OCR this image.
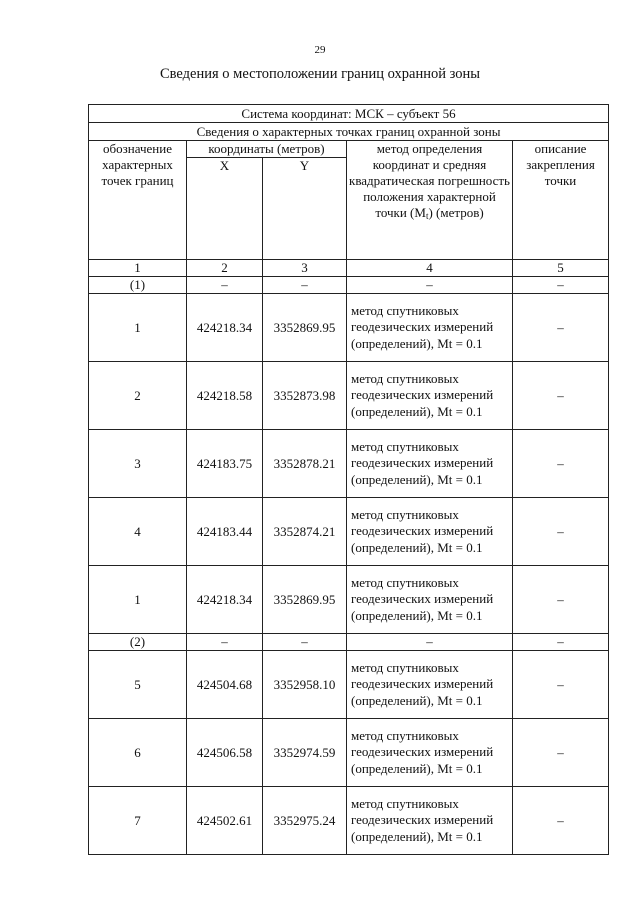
29
Сведения о местоположении границ охранной зоны
Система координат: МСК – субъект 56				
Сведения о характерных точках границ охранной зоны				
обозначение характерных точек границ	координаты (метров)		метод определения координат и средняя квадратическая погрешность положения характерной точки $(M_t)$ (метров)	описание закрепления точки
	X	Y		
1	2	3	4	5
(1)	–	–	–	–
1	424218.34	3352869.95	метод спутниковых геодезических измерений (определений), Mt = 0.1	–
2	424218.58	3352873.98	метод спутниковых геодезических измерений (определений), Mt = 0.1	–
3	424183.75	3352878.21	метод спутниковых геодезических измерений (определений), Mt = 0.1	–
4	424183.44	3352874.21	метод спутниковых геодезических измерений (определений), Mt = 0.1	–
1	424218.34	3352869.95	метод спутниковых геодезических измерений (определений), Mt = 0.1	–
(2)	–	–	–	–
5	424504.68	3352958.10	метод спутниковых геодезических измерений (определений), Mt = 0.1	–
6	424506.58	3352974.59	метод спутниковых геодезических измерений (определений), Mt = 0.1	–
7	424502.61	3352975.24	метод спутниковых геодезических измерений (определений), Mt = 0.1	–
